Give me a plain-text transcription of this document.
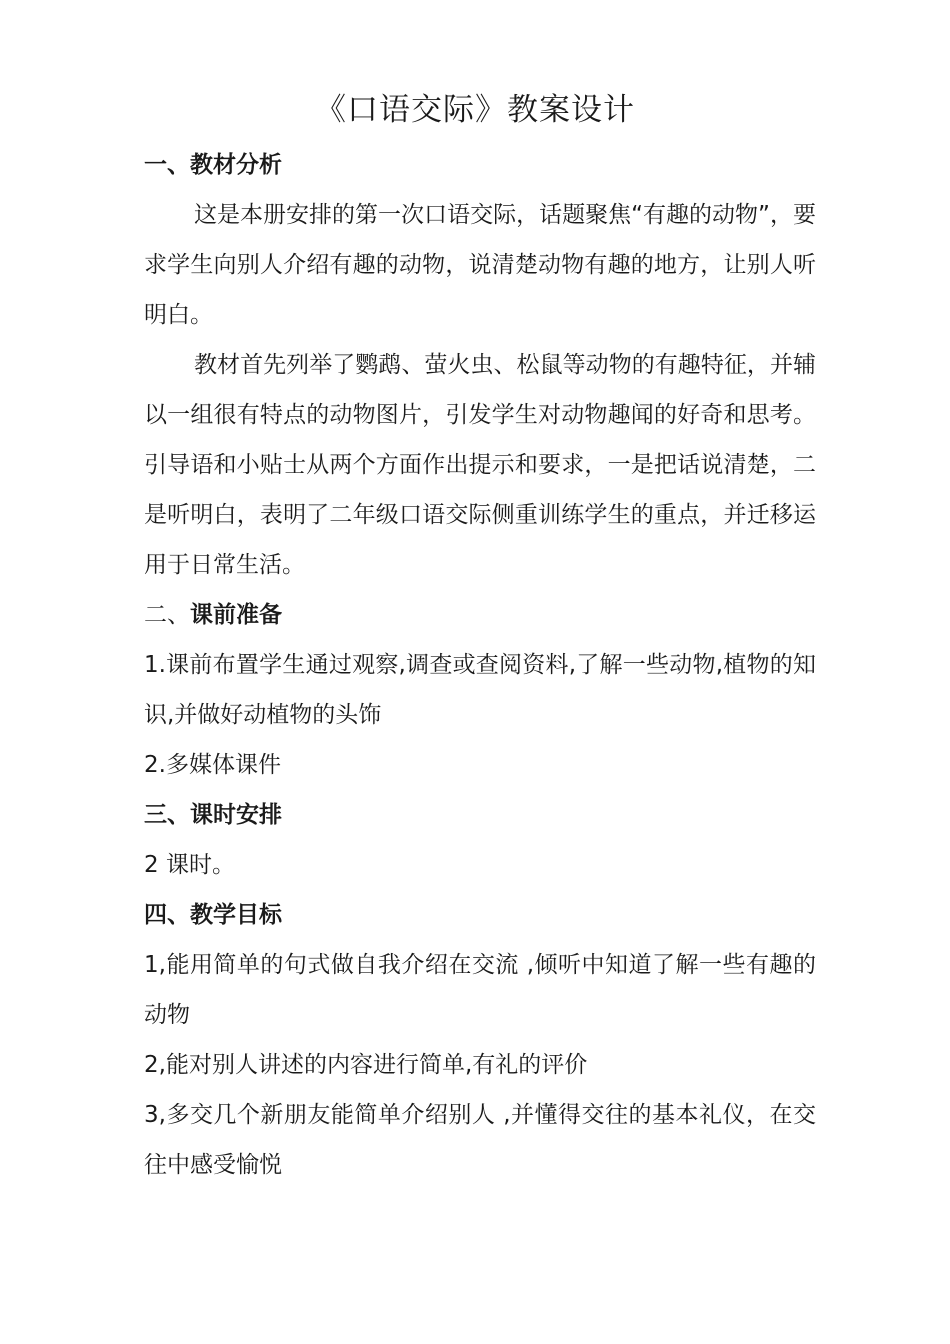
《口语交际》教案设计
一、教材分析

这是本册安排的第一次口语交际，话题聚焦“有趣的动物”，要求学生向别人介绍有趣的动物，说清楚动物有趣的地方，让别人听明白。

教材首先列举了鹦鹉、萤火虫、松鼠等动物的有趣特征，并辅以一组很有特点的动物图片，引发学生对动物趣闻的好奇和思考。引导语和小贴士从两个方面作出提示和要求，一是把话说清楚，二是听明白，表明了二年级口语交际侧重训练学生的重点，并迁移运用于日常生活。

二、课前准备

1.课前布置学生通过观察,调查或查阅资料,了解一些动物,植物的知识,并做好动植物的头饰

2.多媒体课件

三、课时安排

2 课时。

四、教学目标

1,能用简单的句式做自我介绍在交流 ,倾听中知道了解一些有趣的动物

2,能对别人讲述的内容进行简单,有礼的评价

3,多交几个新朋友能简单介绍别人 ,并懂得交往的基本礼仪，在交往中感受愉悦
